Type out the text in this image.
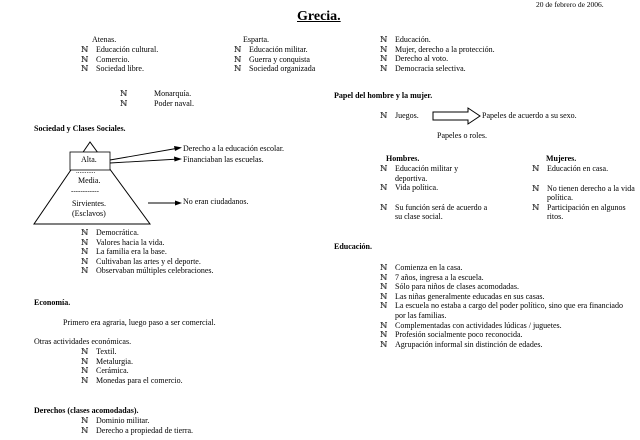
20 de febrero de 2006.
Grecia.
Atenas.
ℕ Educación cultural.
ℕ Comercio.
ℕ Sociedad libre.
Esparta.
ℕ Educación militar.
ℕ Guerra y conquista
ℕ Sociedad organizada
ℕ Monarquía.
ℕ Poder naval.
Sociedad y Clases Sociales.
Alta.
...........
Media.
------------
Sirvientes.
(Esclavos)
Derecho a la educación escolar.
Financiaban las escuelas.
No eran ciudadanos.
ℕ Democrática.
ℕ Valores hacia la vida.
ℕ La familia era la base.
ℕ Cultivaban las artes y el deporte.
ℕ Observaban múltiples celebraciones.
Economía.
Primero era agraria, luego paso a ser comercial.
Otras actividades económicas.
ℕ Textil.
ℕ Metalurgia.
ℕ Cerámica.
ℕ Monedas para el comercio.
Derechos (clases acomodadas).
ℕ Dominio militar.
ℕ Derecho a propiedad de tierra.
ℕ Educación.
ℕ Mujer, derecho a la protección.
ℕ Derecho al voto.
ℕ Democracia selectiva.
Papel del hombre y la mujer.
ℕ Juegos.	Papeles de acuerdo a su sexo.
Papeles o roles.
Hombres.
ℕ Educación militar y deportiva.
ℕ Vida política.
ℕ Su función será de acuerdo a su clase social.
Mujeres.
ℕ Educación en casa.
ℕ No tienen derecho a la vida política.
ℕ Participación en algunos ritos.
Educación.
ℕ Comienza en la casa.
ℕ 7 años, ingresa a la escuela.
ℕ Sólo para niños de clases acomodadas.
ℕ Las niñas generalmente educadas en sus casas.
ℕ La escuela no estaba a cargo del poder político, sino que era financiado por las familias.
ℕ Complementadas con actividades lúdicas / juguetes.
ℕ Profesión socialmente poco reconocida.
ℕ Agrupación informal sin distinción de edades.
